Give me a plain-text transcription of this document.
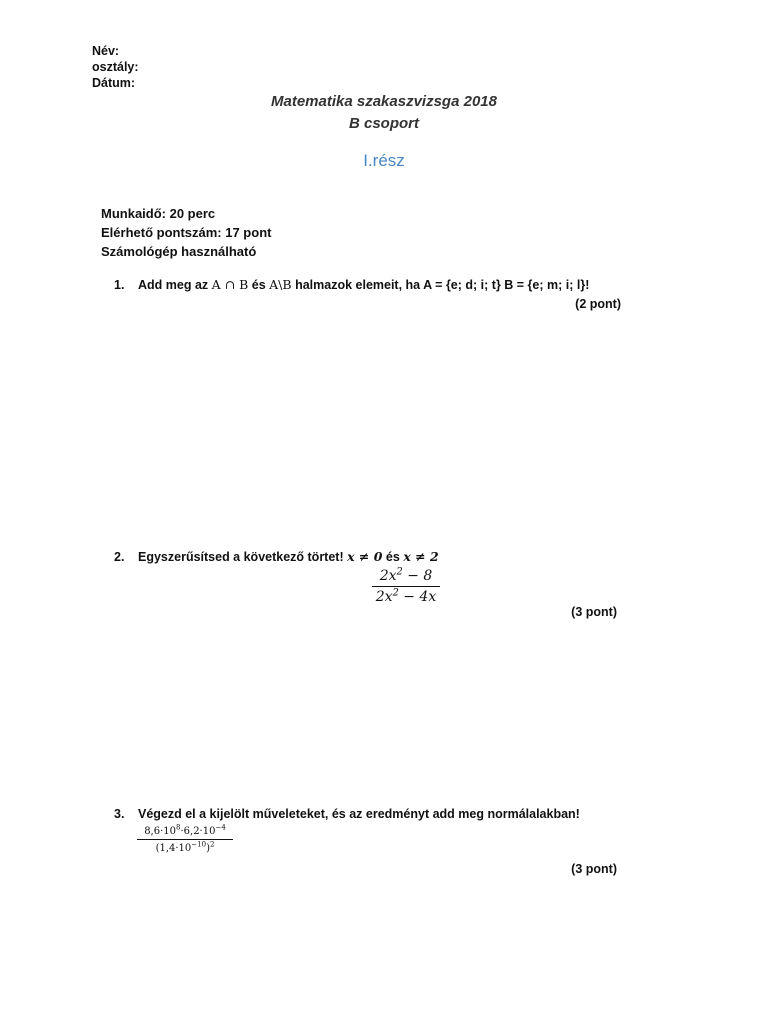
Név:
osztály:
Dátum:
Matematika szakaszvizsga 2018
B csoport
I.rész
Munkaidő: 20 perc
Elérhető pontszám: 17 pont
Számológép használható
1. Add meg az A ∩ B és A\B halmazok elemeit, ha A = {e; d; i; t} B = {e; m; i; l}!
(2 pont)
2. Egyszerűsítsed a következő törtet! x ≠ 0 és x ≠ 2
$\frac{2x^2 - 8}{2x^2 - 4x}$
(3 pont)
3. Végezd el a kijelölt műveleteket, és az eredményt add meg normálalakban!
$\frac{8,6\cdot 10^8\cdot 6,2\cdot 10^{-4}}{(1,4\cdot 10^{-10})^2}$
(3 pont)
